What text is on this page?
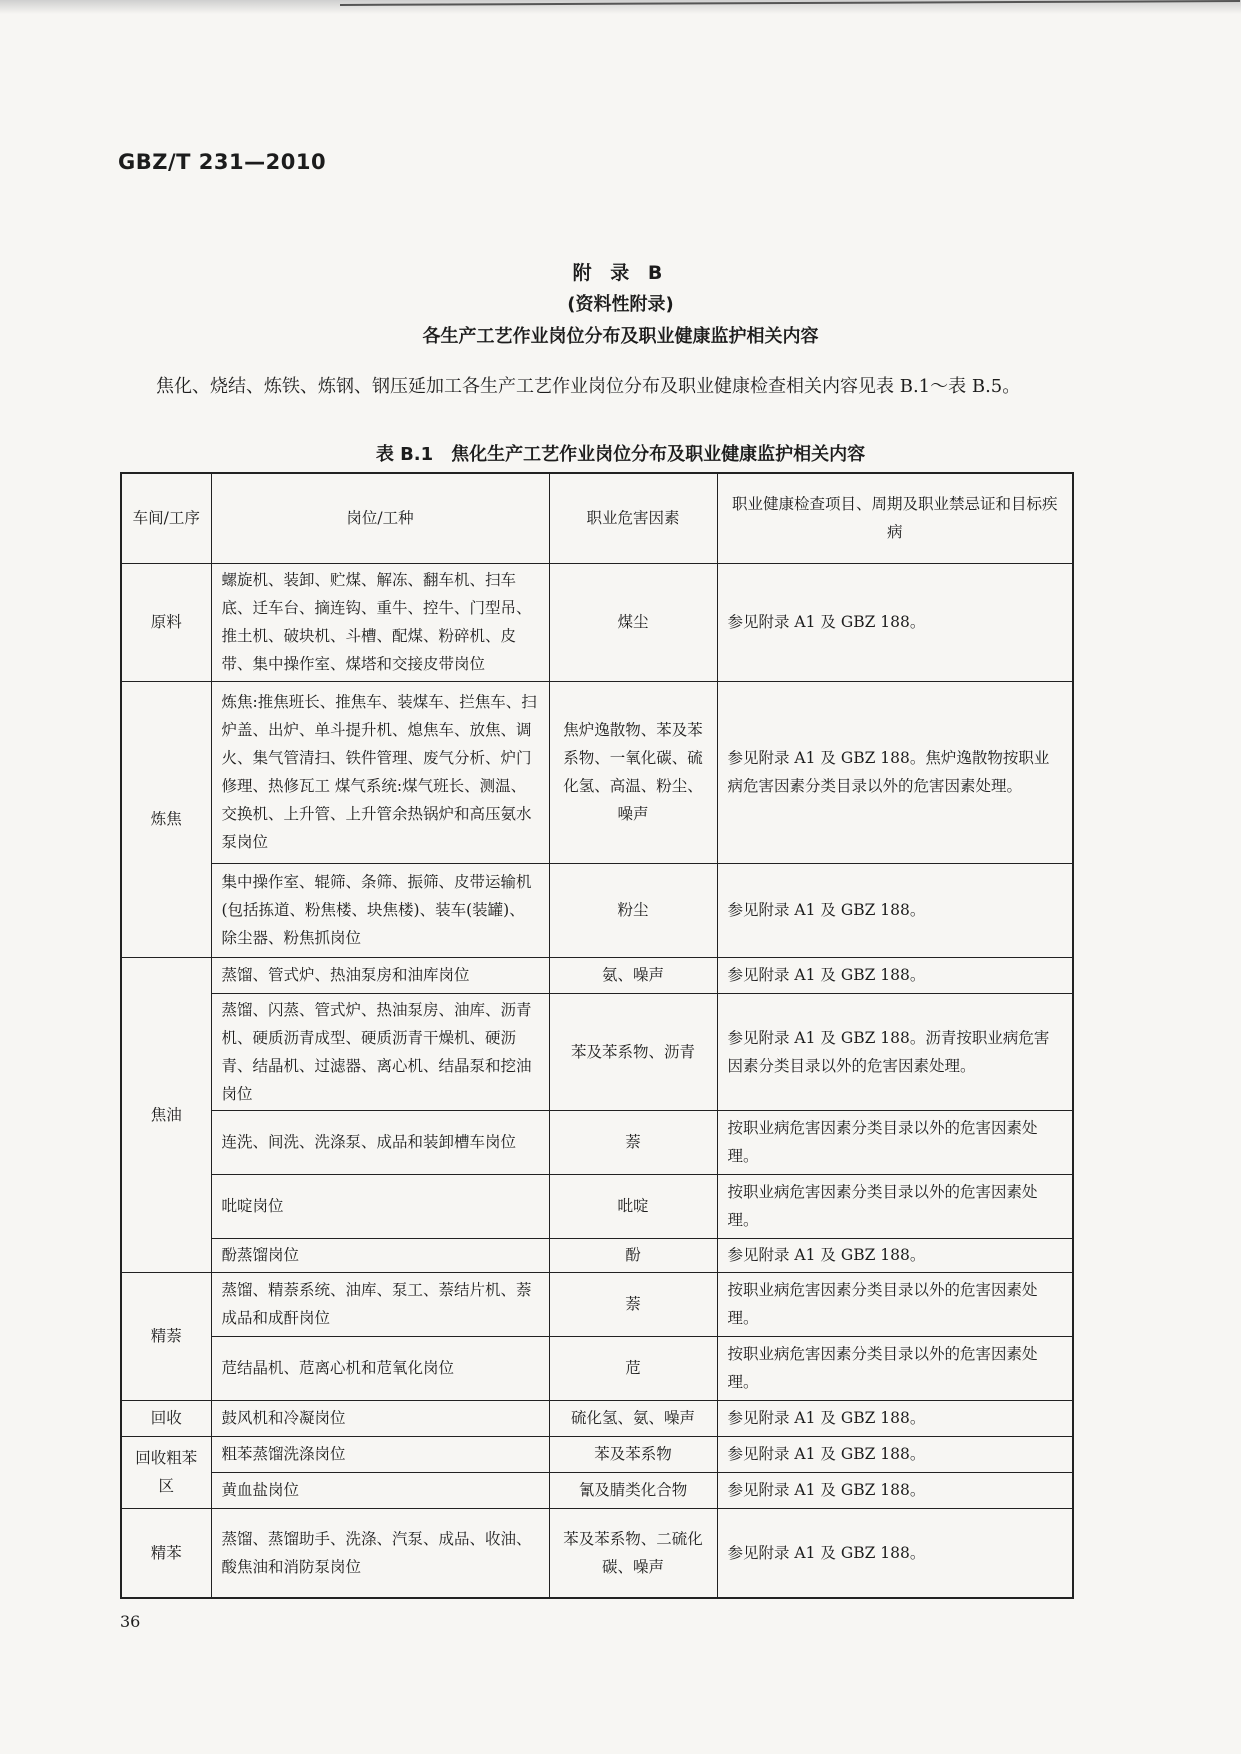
GBZ/T 231—2010
附 录 B
(资料性附录)
各生产工艺作业岗位分布及职业健康监护相关内容
焦化、烧结、炼铁、炼钢、钢压延加工各生产工艺作业岗位分布及职业健康检查相关内容见表 B.1～表 B.5。
表 B.1　焦化生产工艺作业岗位分布及职业健康监护相关内容
车间/工序	岗位/工种	职业危害因素	职业健康检查项目、周期及职业禁忌证和目标疾病
原料	螺旋机、装卸、贮煤、解冻、翻车机、扫车底、迁车台、摘连钩、重牛、控牛、门型吊、推土机、破块机、斗槽、配煤、粉碎机、皮带、集中操作室、煤塔和交接皮带岗位	煤尘	参见附录 A1 及 GBZ 188。
炼焦	炼焦:推焦班长、推焦车、装煤车、拦焦车、扫炉盖、出炉、单斗提升机、熄焦车、放焦、调火、集气管清扫、铁件管理、废气分析、炉门修理、热修瓦工 煤气系统:煤气班长、测温、交换机、上升管、上升管余热锅炉和高压氨水泵岗位	焦炉逸散物、苯及苯系物、一氧化碳、硫化氢、高温、粉尘、噪声	参见附录 A1 及 GBZ 188。焦炉逸散物按职业病危害因素分类目录以外的危害因素处理。
	集中操作室、辊筛、条筛、振筛、皮带运输机(包括拣道、粉焦楼、块焦楼)、装车(装罐)、除尘器、粉焦抓岗位	粉尘	参见附录 A1 及 GBZ 188。
焦油	蒸馏、管式炉、热油泵房和油库岗位	氨、噪声	参见附录 A1 及 GBZ 188。
	蒸馏、闪蒸、管式炉、热油泵房、油库、沥青机、硬质沥青成型、硬质沥青干燥机、硬沥青、结晶机、过滤器、离心机、结晶泵和挖油岗位	苯及苯系物、沥青	参见附录 A1 及 GBZ 188。沥青按职业病危害因素分类目录以外的危害因素处理。
	连洗、间洗、洗涤泵、成品和装卸槽车岗位	萘	按职业病危害因素分类目录以外的危害因素处理。
	吡啶岗位	吡啶	按职业病危害因素分类目录以外的危害因素处理。
	酚蒸馏岗位	酚	参见附录 A1 及 GBZ 188。
精萘	蒸馏、精萘系统、油库、泵工、萘结片机、萘成品和成酐岗位	萘	按职业病危害因素分类目录以外的危害因素处理。
	苊结晶机、苊离心机和苊氧化岗位	苊	按职业病危害因素分类目录以外的危害因素处理。
回收	鼓风机和冷凝岗位	硫化氢、氨、噪声	参见附录 A1 及 GBZ 188。
回收粗苯区	粗苯蒸馏洗涤岗位	苯及苯系物	参见附录 A1 及 GBZ 188。
	黄血盐岗位	氰及腈类化合物	参见附录 A1 及 GBZ 188。
精苯	蒸馏、蒸馏助手、洗涤、汽泵、成品、收油、酸焦油和消防泵岗位	苯及苯系物、二硫化碳、噪声	参见附录 A1 及 GBZ 188。
36
